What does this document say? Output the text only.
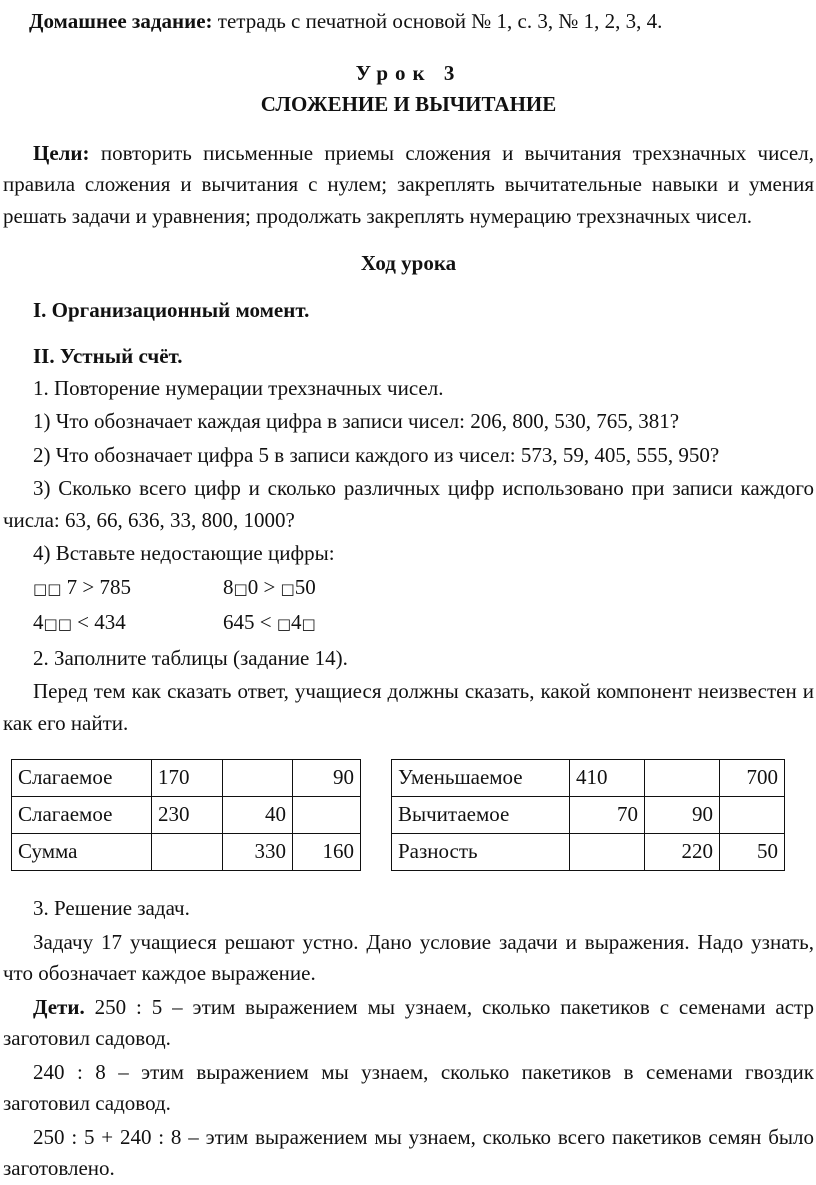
Домашнее задание: тетрадь с печатной основой № 1, с. 3, № 1, 2, 3, 4.

Урок 3

СЛОЖЕНИЕ И ВЫЧИТАНИЕ

Цели: повторить письменные приемы сложения и вычитания трехзначных чисел, правила сложения и вычитания с нулем; закреплять вычитательные навыки и умения решать задачи и уравнения; продолжать закреплять нумерацию трехзначных чисел.

Ход урока

I. Организационный момент.

II. Устный счёт.

1. Повторение нумерации трехзначных чисел.

1) Что обозначает каждая цифра в записи чисел: 206, 800, 530, 765, 381?

2) Что обозначает цифра 5 в записи каждого из чисел: 573, 59, 405, 555, 950?

3) Сколько всего цифр и сколько различных цифр использовано при записи каждого числа: 63, 66, 636, 33, 800, 1000?

4) Вставьте недостающие цифры:

□□ 7 > 785	8□0 > □50
4□□ < 434	645 < □4□

2. Заполните таблицы (задание 14).

Перед тем как сказать ответ, учащиеся должны сказать, какой компонент неизвестен и как его найти.

Слагаемое	170		90
Слагаемое	230	40	
Сумма		330	160
Уменьшаемое	410		700
Вычитаемое	70	90	
Разность		220	50

3. Решение задач.

Задачу 17 учащиеся решают устно. Дано условие задачи и выражения. Надо узнать, что обозначает каждое выражение.

Дети. 250 : 5 – этим выражением мы узнаем, сколько пакетиков с семенами астр заготовил садовод.

240 : 8 – этим выражением мы узнаем, сколько пакетиков в семенами гвоздик заготовил садовод.

250 : 5 + 240 : 8 – этим выражением мы узнаем, сколько всего пакетиков семян было заготовлено.
